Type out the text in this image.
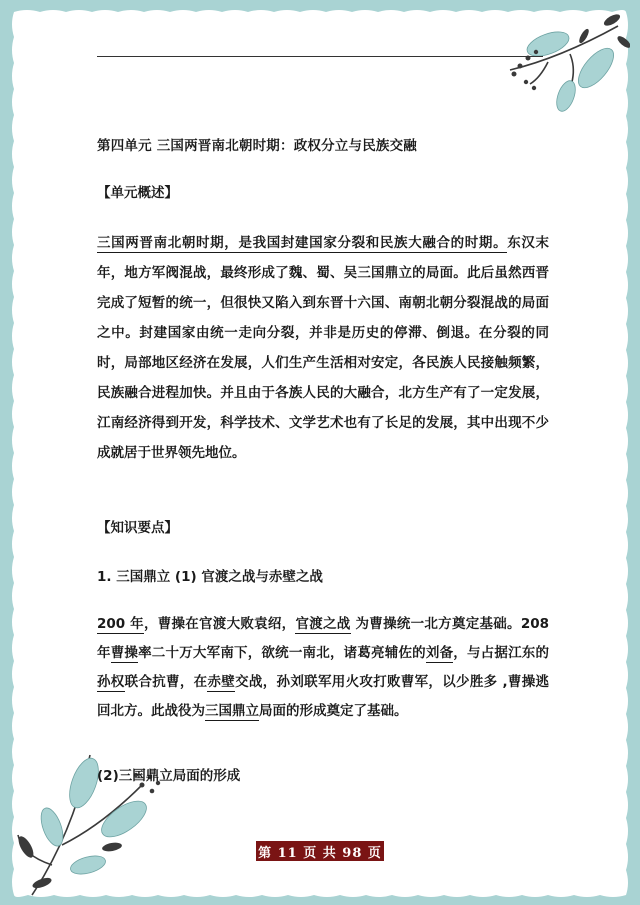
第四单元 三国两晋南北朝时期：政权分立与民族交融
【单元概述】
三国两晋南北朝时期，是我国封建国家分裂和民族大融合的时期。东汉末年，地方军阀混战，最终形成了魏、蜀、吴三国鼎立的局面。此后虽然西晋完成了短暂的统一，但很快又陷入到东晋十六国、南朝北朝分裂混战的局面之中。封建国家由统一走向分裂，并非是历史的停滞、倒退。在分裂的同时，局部地区经济在发展，人们生产生活相对安定，各民族人民接触频繁，民族融合进程加快。并且由于各族人民的大融合，北方生产有了一定发展，江南经济得到开发，科学技术、文学艺术也有了长足的发展，其中出现不少成就居于世界领先地位。
【知识要点】
1. 三国鼎立 (1) 官渡之战与赤壁之战
200 年，曹操在官渡大败袁绍，官渡之战 为曹操统一北方奠定基础。208 年曹操率二十万大军南下，欲统一南北，诸葛亮辅佐的刘备，与占据江东的孙权联合抗曹，在赤壁交战，孙刘联军用火攻打败曹军，以少胜多 ,曹操逃回北方。此战役为三国鼎立局面的形成奠定了基础。
(2)三国鼎立局面的形成
第 11 页 共 98 页
头条号 / 智慧学习港
